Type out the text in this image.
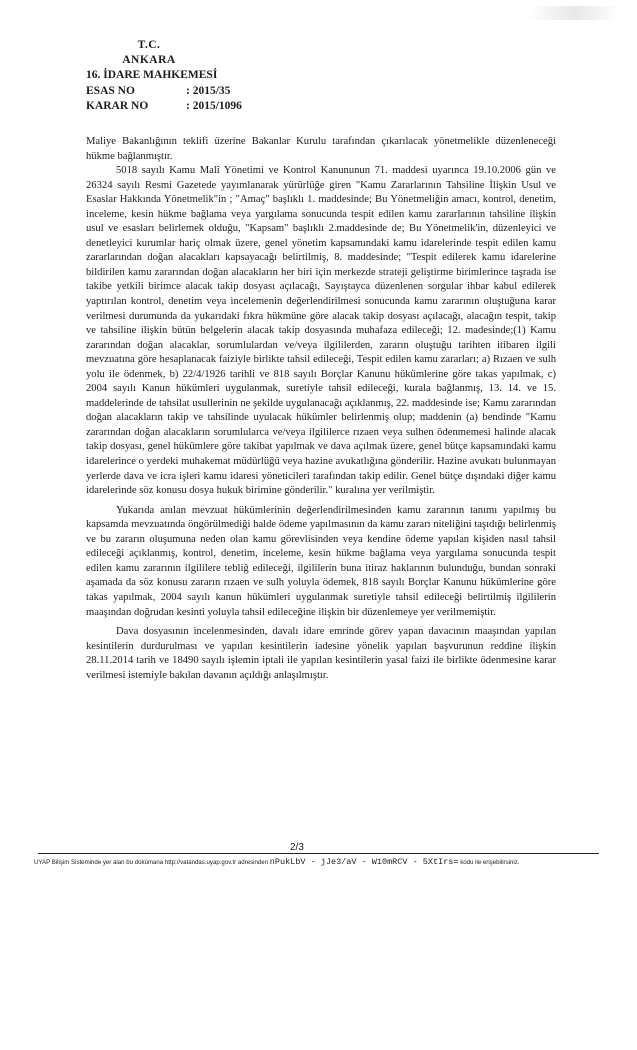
T.C.
ANKARA
16. İDARE MAHKEMESİ
ESAS NO	: 2015/35
KARAR NO	: 2015/1096

Maliye Bakanlığının teklifi üzerine Bakanlar Kurulu tarafından çıkarılacak yönetmelikle düzenleneceği hükme bağlanmıştır.

5018 sayılı Kamu Malî Yönetimi ve Kontrol Kanununun 71. maddesi uyarınca 19.10.2006 gün ve 26324 sayılı Resmi Gazetede yayımlanarak yürürlüğe giren "Kamu Zararlarının Tahsiline İlişkin Usul ve Esaslar Hakkında Yönetmelik"in ; "Amaç" başlıklı 1. maddesinde; Bu Yönetmeliğin amacı, kontrol, denetim, inceleme, kesin hükme bağlama veya yargılama sonucunda tespit edilen kamu zararlarının tahsiline ilişkin usul ve esasları belirlemek olduğu, "Kapsam" başlıklı 2.maddesinde de; Bu Yönetmelik'in, düzenleyici ve denetleyici kurumlar hariç olmak üzere, genel yönetim kapsamındaki kamu idarelerinde tespit edilen kamu zararlarından doğan alacakları kapsayacağı belirtilmiş, 8. maddesinde; "Tespit edilerek kamu idarelerine bildirilen kamu zararından doğan alacakların her biri için merkezde strateji geliştirme birimlerince taşrada ise takibe yetkili birimce alacak takip dosyası açılacağı, Sayıştayca düzenlenen sorgular ihbar kabul edilerek yaptırılan kontrol, denetim veya incelemenin değerlendirilmesi sonucunda kamu zararının oluştuğuna karar verilmesi durumunda da yukarıdaki fıkra hükmüne göre alacak takip dosyası açılacağı, alacağın tespit, takip ve tahsiline ilişkin bütün belgelerin alacak takip dosyasında muhafaza edileceği; 12. madesinde;(1) Kamu zararından doğan alacaklar, sorumlulardan ve/veya ilgililerden, zararın oluştuğu tarihten itibaren ilgili mevzuatına göre hesaplanacak faiziyle birlikte tahsil edileceği, Tespit edilen kamu zararları; a) Rızaen ve sulh yolu ile ödenmek, b) 22/4/1926 tarihli ve 818 sayılı Borçlar Kanunu hükümlerine göre takas yapılmak, c) 2004 sayılı Kanun hükümleri uygulanmak, suretiyle tahsil edileceği, kurala bağlanmış, 13. 14. ve 15. maddelerinde de tahsilat usullerinin ne şekilde uygulanacağı açıklanmış, 22. maddesinde ise; Kamu zararından doğan alacakların takip ve tahsilinde uyulacak hükümler belirlenmiş olup; maddenin (a) bendinde "Kamu zararından doğan alacakların sorumlularca ve/veya ilgililerce rızaen veya sulhen ödenmemesi halinde alacak takip dosyası, genel hükümlere göre takibat yapılmak ve dava açılmak üzere, genel bütçe kapsamındaki kamu idarelerince o yerdeki muhakemat müdürlüğü veya hazine avukatlığına gönderilir. Hazine avukatı bulunmayan yerlerde dava ve icra işleri kamu idaresi yöneticileri tarafından takip edilir. Genel bütçe dışındaki diğer kamu idarelerinde söz konusu dosya hukuk birimine gönderilir." kuralına yer verilmiştir.

Yukarıda anılan mevzuat hükümlerinin değerlendirilmesinden kamu zararının tanımı yapılmış bu kapsamda mevzuatında öngörülmediği halde ödeme yapılmasının da kamu zararı niteliğini taşıdığı belirlenmiş ve bu zararın oluşumuna neden olan kamu görevlisinden veya kendine ödeme yapılan kişiden nasıl tahsil edileceği açıklanmış, kontrol, denetim, inceleme, kesin hükme bağlama veya yargılama sonucunda tespit edilen kamu zararının ilgililere tebliğ edileceği, ilgililerin buna itiraz haklarının bulunduğu, bundan sonraki aşamada da söz konusu zararın rızaen ve sulh yoluyla ödemek, 818 sayılı Borçlar Kanunu hükümlerine göre takas yapılmak, 2004 sayılı kanun hükümleri uygulanmak suretiyle tahsil edileceği belirtilmiş ilgililerin maaşından doğrudan kesinti yoluyla tahsil edileceğine ilişkin bir düzenlemeye yer verilmemiştir.

Dava dosyasının incelenmesinden, davalı idare emrinde görev yapan davacının maaşından yapılan kesintilerin durdurulması ve yapılan kesintilerin iadesine yönelik yapılan başvurunun reddine ilişkin 28.11.2014 tarih ve 18490 sayılı işlemin iptali ile yapılan kesintilerin yasal faizi ile birlikte ödenmesine karar verilmesi istemiyle bakılan davanın açıldığı anlaşılmıştır.

2/3
UYAP Bilişim Sisteminde yer alan bu dokümana http://vatandas.uyap.gov.tr adresinden nPukLbV - jJe3/aV - W10mRCV - 5XtIrs= kodu ile erişebilirsiniz.
